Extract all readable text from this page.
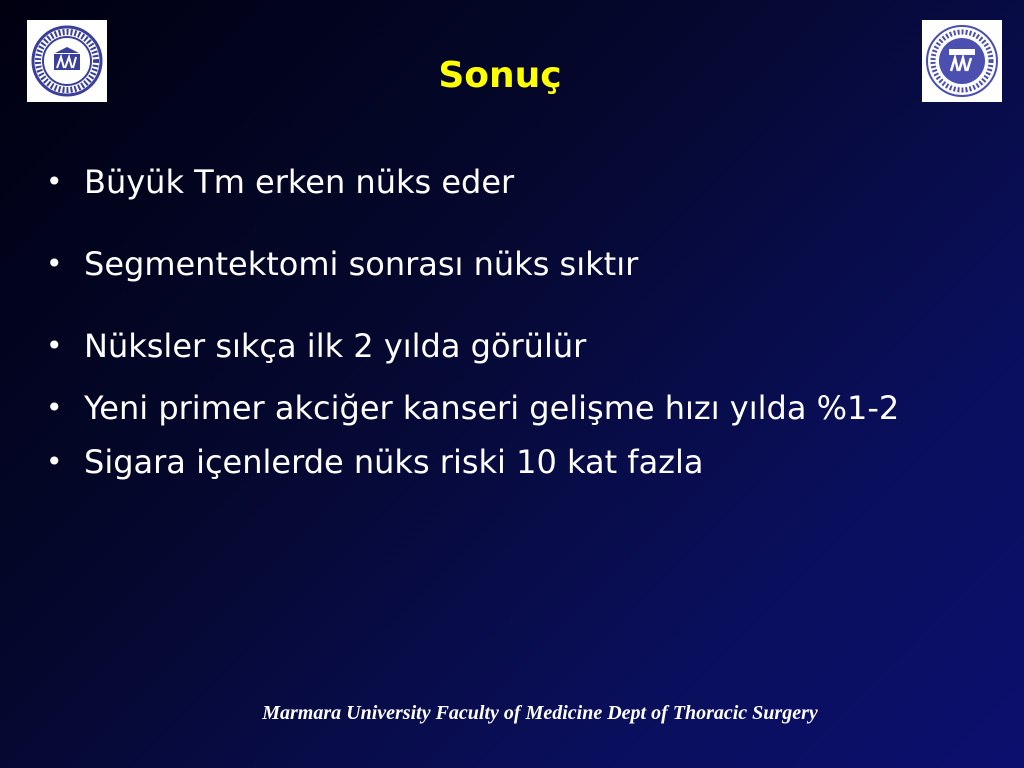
Sonuç
• Büyük Tm erken nüks eder
• Segmentektomi sonrası nüks sıktır
• Nüksler sıkça ilk 2 yılda görülür
• Yeni primer akciğer kanseri gelişme hızı yılda %1-2
• Sigara içenlerde nüks riski 10 kat fazla
Marmara University Faculty of Medicine Dept of Thoracic Surgery
